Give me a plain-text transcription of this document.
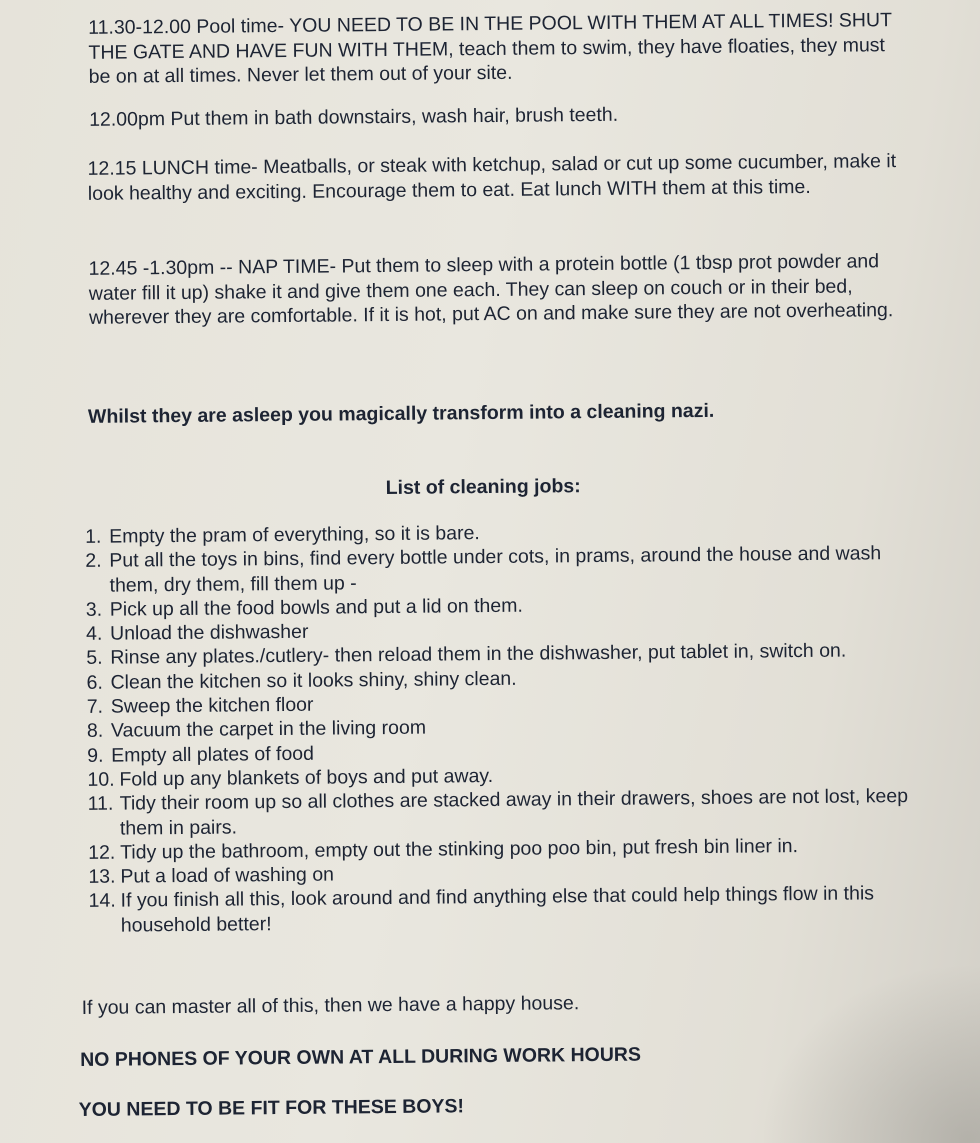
11.30-12.00 Pool time- YOU NEED TO BE IN THE POOL WITH THEM AT ALL TIMES! SHUT THE GATE AND HAVE FUN WITH THEM, teach them to swim, they have floaties, they must be on at all times. Never let them out of your site.

12.00pm Put them in bath downstairs, wash hair, brush teeth.

12.15 LUNCH time- Meatballs, or steak with ketchup, salad or cut up some cucumber, make it look healthy and exciting. Encourage them to eat. Eat lunch WITH them at this time.

12.45 -1.30pm -- NAP TIME- Put them to sleep with a protein bottle (1 tbsp prot powder and water fill it up) shake it and give them one each. They can sleep on couch or in their bed, wherever they are comfortable. If it is hot, put AC on and make sure they are not overheating.

Whilst they are asleep you magically transform into a cleaning nazi.

List of cleaning jobs:

1. Empty the pram of everything, so it is bare.
2. Put all the toys in bins, find every bottle under cots, in prams, around the house and wash them, dry them, fill them up -
3. Pick up all the food bowls and put a lid on them.
4. Unload the dishwasher
5. Rinse any plates./cutlery- then reload them in the dishwasher, put tablet in, switch on.
6. Clean the kitchen so it looks shiny, shiny clean.
7. Sweep the kitchen floor
8. Vacuum the carpet in the living room
9. Empty all plates of food
10. Fold up any blankets of boys and put away.
11. Tidy their room up so all clothes are stacked away in their drawers, shoes are not lost, keep them in pairs.
12. Tidy up the bathroom, empty out the stinking poo poo bin, put fresh bin liner in.
13. Put a load of washing on
14. If you finish all this, look around and find anything else that could help things flow in this household better!

If you can master all of this, then we have a happy house.

NO PHONES OF YOUR OWN AT ALL DURING WORK HOURS

YOU NEED TO BE FIT FOR THESE BOYS!
